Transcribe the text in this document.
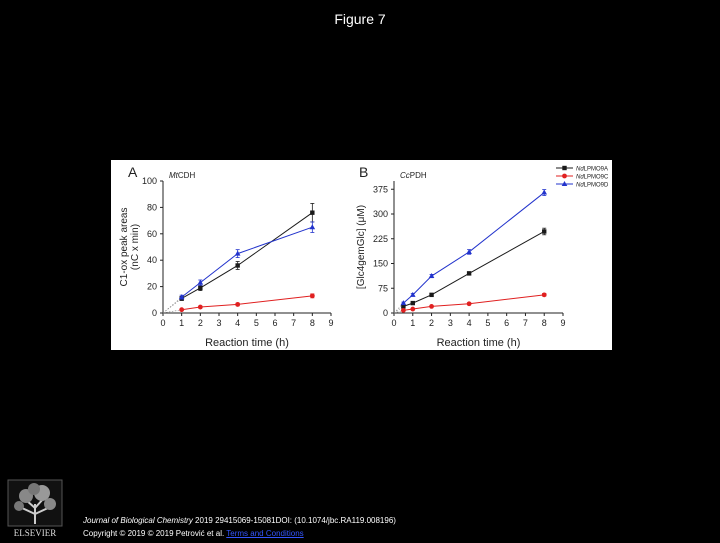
Figure 7
A	MtCDH
0 1 2 3 4 5 6 7 8 9
0
20
40
60
80
100
Reaction time (h)
C1-ox peak areas (nC x min)
B	CcPDH
0 1 2 3 4 5 6 7 8 9
0
75
150
225
300
375
Reaction time (h)
[Glc4gemGlc] (μM)
NdLPMO9A
NdLPMO9C
NdLPMO9D
ELSEVIER
Journal of Biological Chemistry 2019 29415069-15081DOI: (10.1074/jbc.RA119.008196)
Copyright © 2019 © 2019 Petrović et al. Terms and Conditions
